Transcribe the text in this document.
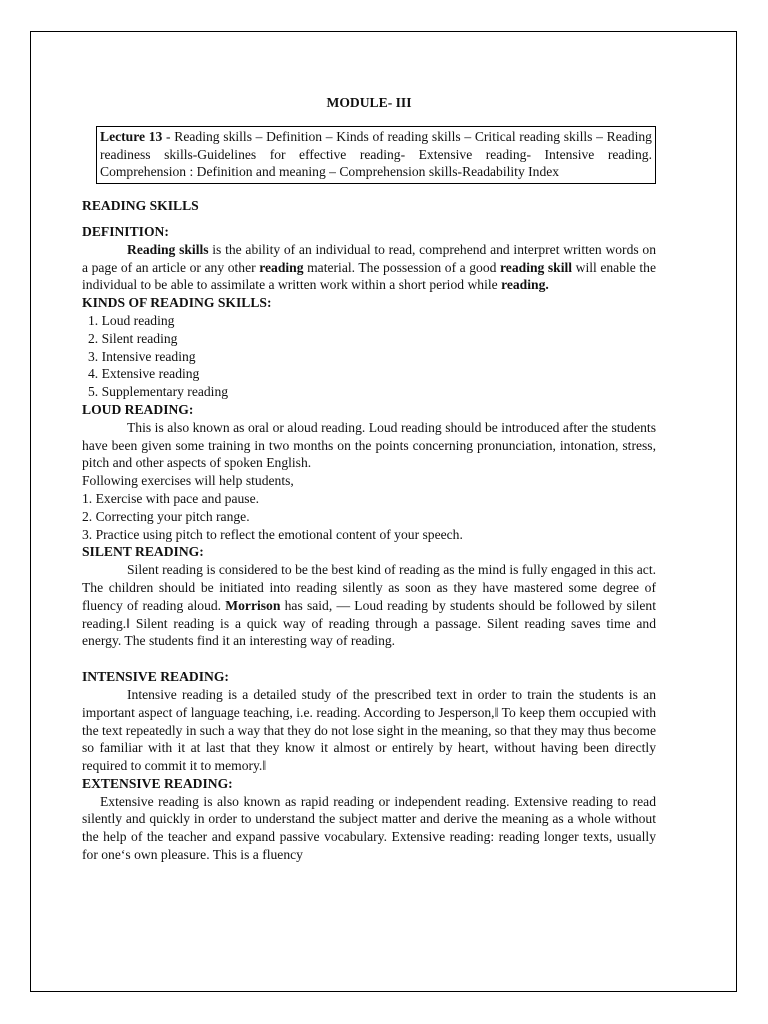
MODULE- III
Lecture 13 - Reading skills – Definition – Kinds of reading skills – Critical reading skills – Reading readiness skills-Guidelines for effective reading- Extensive reading- Intensive reading. Comprehension : Definition and meaning – Comprehension skills-Readability Index
READING SKILLS
DEFINITION:

Reading skills is the ability of an individual to read, comprehend and interpret written words on a page of an article or any other reading material. The possession of a good reading skill will enable the individual to be able to assimilate a written work within a short period while reading.

KINDS OF READING SKILLS:
1. Loud reading
2. Silent reading
3. Intensive reading
4. Extensive reading
5. Supplementary reading
LOUD READING:

This is also known as oral or aloud reading. Loud reading should be introduced after the students have been given some training in two months on the points concerning pronunciation, intonation, stress, pitch and other aspects of spoken English.

Following exercises will help students,
1. Exercise with pace and pause.
2. Correcting your pitch range.
3. Practice using pitch to reflect the emotional content of your speech.
SILENT READING:

Silent reading is considered to be the best kind of reading as the mind is fully engaged in this act. The children should be initiated into reading silently as soon as they have mastered some degree of fluency of reading aloud. Morrison has said, ― Loud reading by students should be followed by silent reading.‖ Silent reading is a quick way of reading through a passage. Silent reading saves time and energy. The students find it an interesting way of reading.

INTENSIVE READING:

Intensive reading is a detailed study of the prescribed text in order to train the students is an important aspect of language teaching, i.e. reading. According to Jesperson,‖ To keep them occupied with the text repeatedly in such a way that they do not lose sight in the meaning, so that they may thus become so familiar with it at last that they know it almost or entirely by heart, without having been directly required to commit it to memory.‖

EXTENSIVE READING:

Extensive reading is also known as rapid reading or independent reading. Extensive reading to read silently and quickly in order to understand the subject matter and derive the meaning as a whole without the help of the teacher and expand passive vocabulary. Extensive reading: reading longer texts, usually for one‘s own pleasure. This is a fluency
